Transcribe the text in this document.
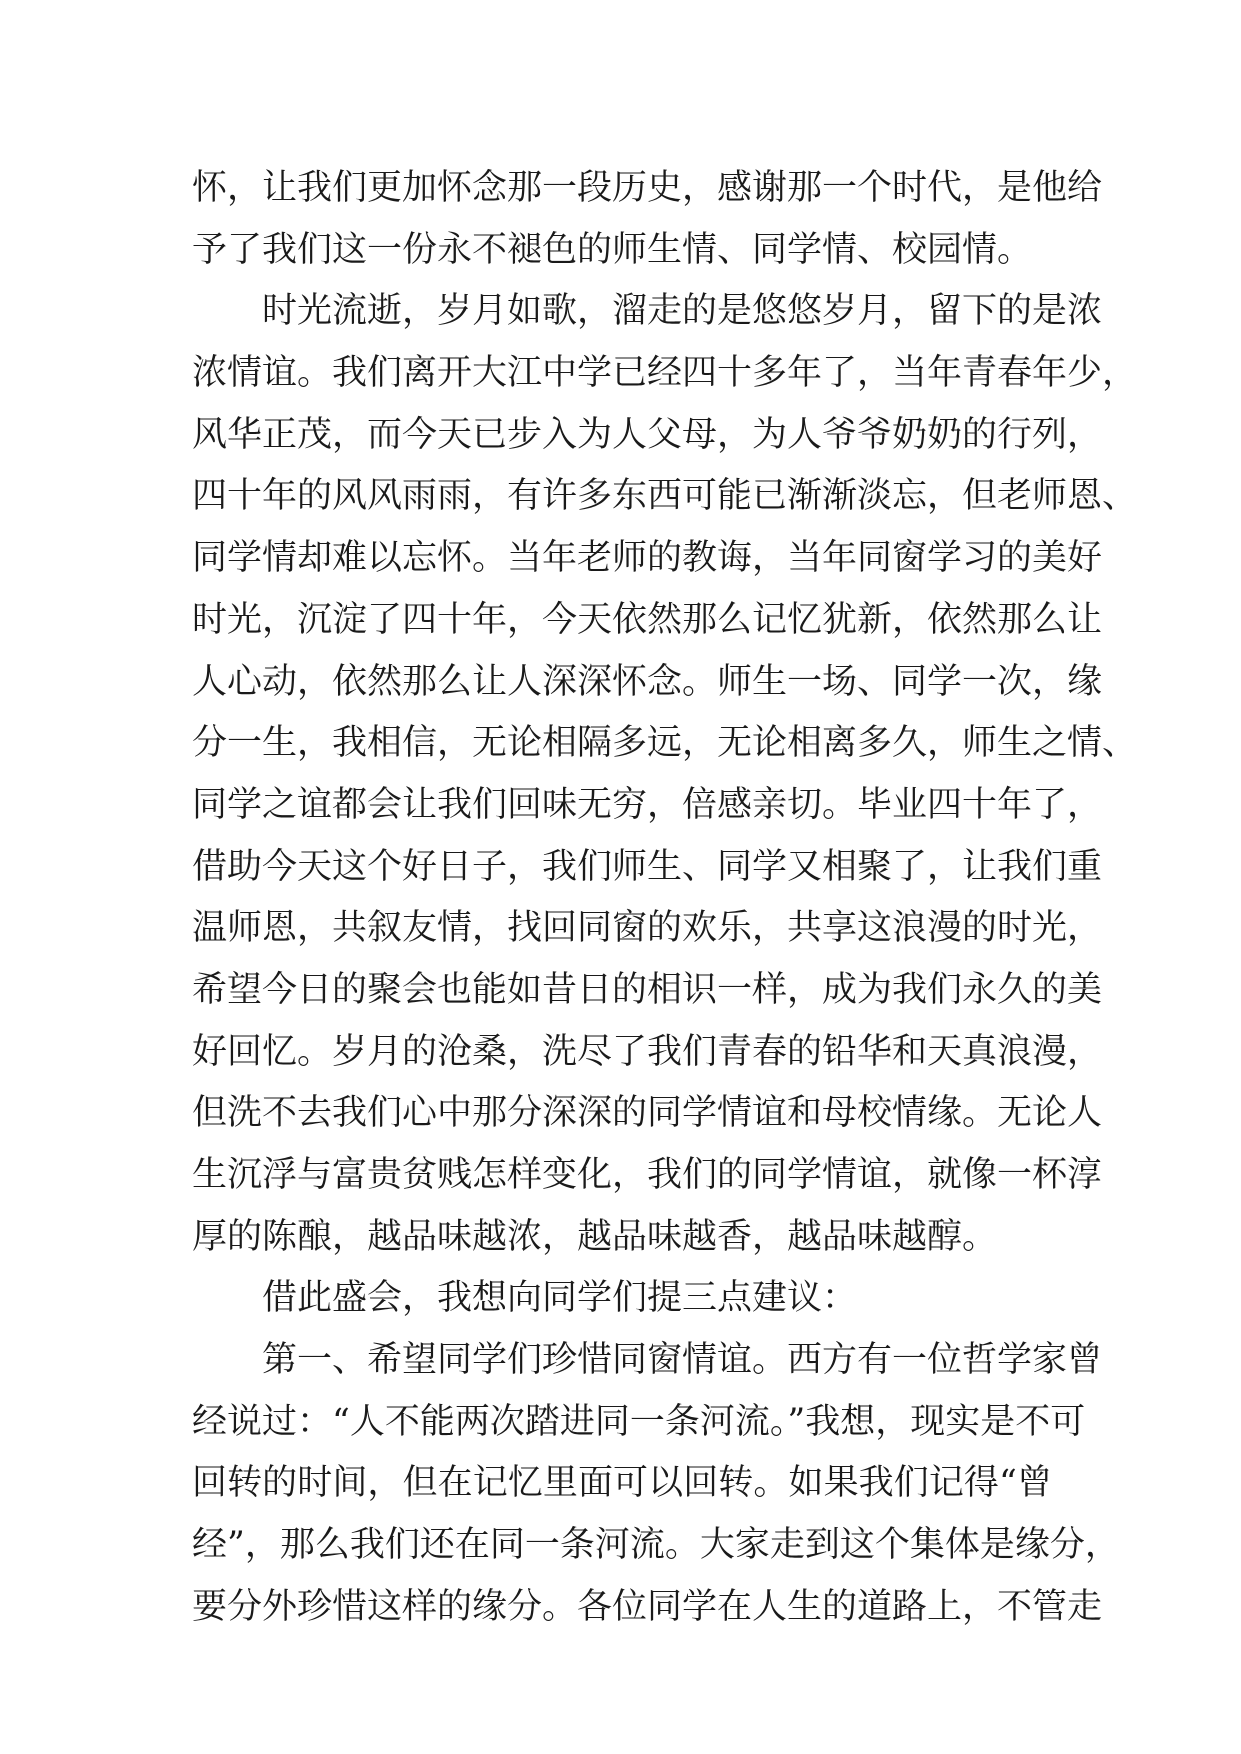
怀，让我们更加怀念那一段历史，感谢那一个时代，是他给
予了我们这一份永不褪色的师生情、同学情、校园情。
时光流逝，岁月如歌，溜走的是悠悠岁月，留下的是浓
浓情谊。我们离开大江中学已经四十多年了，当年青春年少，
风华正茂，而今天已步入为人父母，为人爷爷奶奶的行列，
四十年的风风雨雨，有许多东西可能已渐渐淡忘，但老师恩、
同学情却难以忘怀。当年老师的教诲，当年同窗学习的美好
时光，沉淀了四十年，今天依然那么记忆犹新，依然那么让
人心动，依然那么让人深深怀念。师生一场、同学一次，缘
分一生，我相信，无论相隔多远，无论相离多久，师生之情、
同学之谊都会让我们回味无穷，倍感亲切。毕业四十年了，
借助今天这个好日子，我们师生、同学又相聚了，让我们重
温师恩，共叙友情，找回同窗的欢乐，共享这浪漫的时光，
希望今日的聚会也能如昔日的相识一样，成为我们永久的美
好回忆。岁月的沧桑，洗尽了我们青春的铅华和天真浪漫，
但洗不去我们心中那分深深的同学情谊和母校情缘。无论人
生沉浮与富贵贫贱怎样变化，我们的同学情谊，就像一杯淳
厚的陈酿，越品味越浓，越品味越香，越品味越醇。
借此盛会，我想向同学们提三点建议：
第一、希望同学们珍惜同窗情谊。西方有一位哲学家曾
经说过：“人不能两次踏进同一条河流。”我想，现实是不可
回转的时间，但在记忆里面可以回转。如果我们记得“曾
经”，那么我们还在同一条河流。大家走到这个集体是缘分，
要分外珍惜这样的缘分。各位同学在人生的道路上，不管走
